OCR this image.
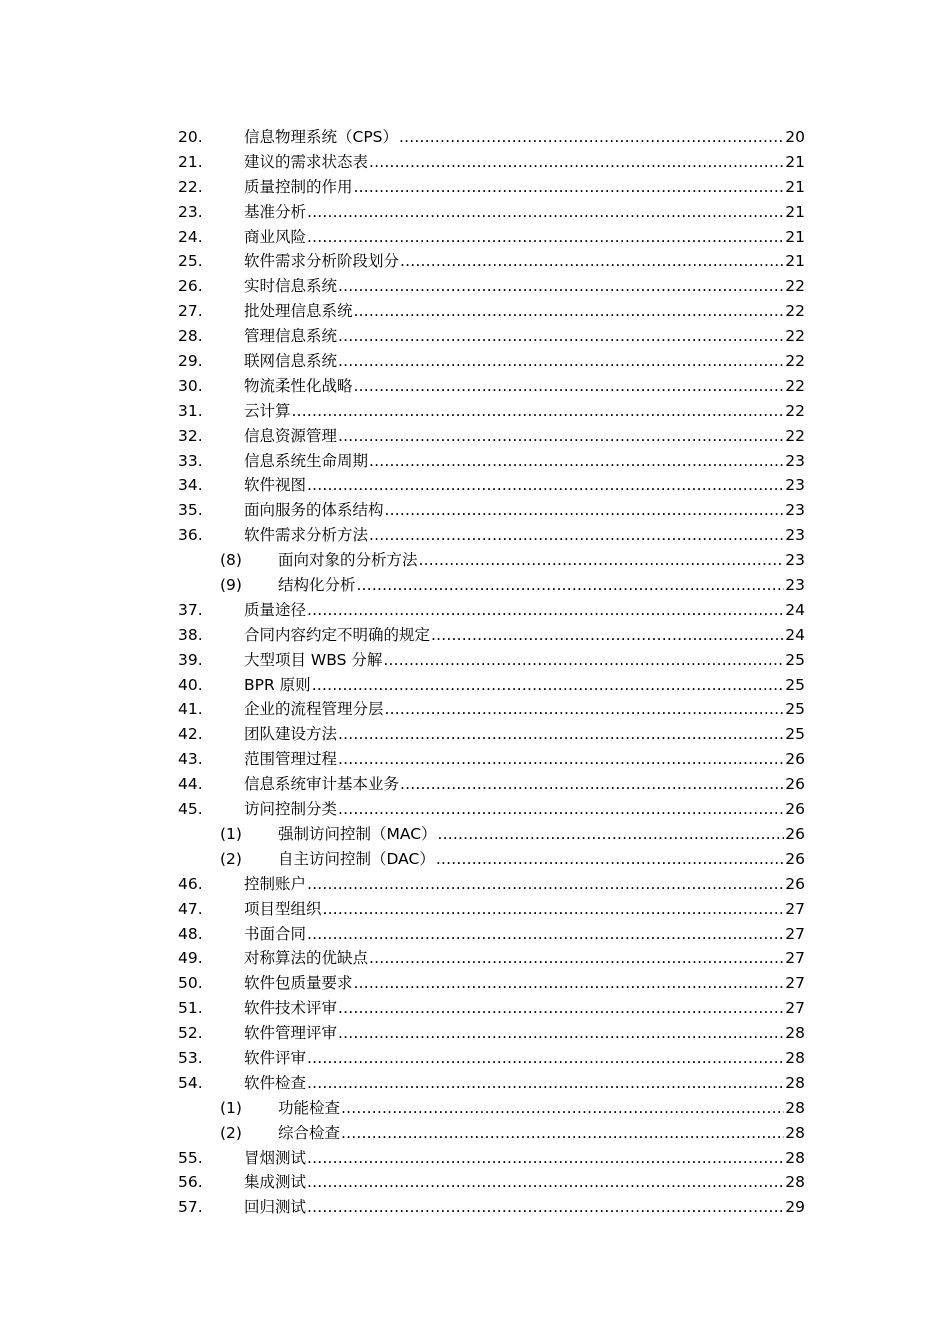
20.	信息物理系统（CPS） .....	20
21.	建议的需求状态表 .....	21
22.	质量控制的作用 .....	21
23.	基准分析 .....	21
24.	商业风险 .....	21
25.	软件需求分析阶段划分 .....	21
26.	实时信息系统 .....	22
27.	批处理信息系统 .....	22
28.	管理信息系统 .....	22
29.	联网信息系统 .....	22
30.	物流柔性化战略 .....	22
31.	云计算 .....	22
32.	信息资源管理 .....	22
33.	信息系统生命周期 .....	23
34.	软件视图 .....	23
35.	面向服务的体系结构 .....	23
36.	软件需求分析方法 .....	23
(8)	面向对象的分析方法 .....	23
(9)	结构化分析 .....	23
37.	质量途径 .....	24
38.	合同内容约定不明确的规定 .....	24
39.	大型项目 WBS 分解 .....	25
40.	BPR 原则 .....	25
41.	企业的流程管理分层 .....	25
42.	团队建设方法 .....	25
43.	范围管理过程 .....	26
44.	信息系统审计基本业务 .....	26
45.	访问控制分类 .....	26
(1)	强制访问控制（MAC） .....	26
(2)	自主访问控制（DAC） .....	26
46.	控制账户 .....	26
47.	项目型组织 .....	27
48.	书面合同 .....	27
49.	对称算法的优缺点 .....	27
50.	软件包质量要求 .....	27
51.	软件技术评审 .....	27
52.	软件管理评审 .....	28
53.	软件评审 .....	28
54.	软件检查 .....	28
(1)	功能检查 .....	28
(2)	综合检查 .....	28
55.	冒烟测试 .....	28
56.	集成测试 .....	28
57.	回归测试 .....	29
